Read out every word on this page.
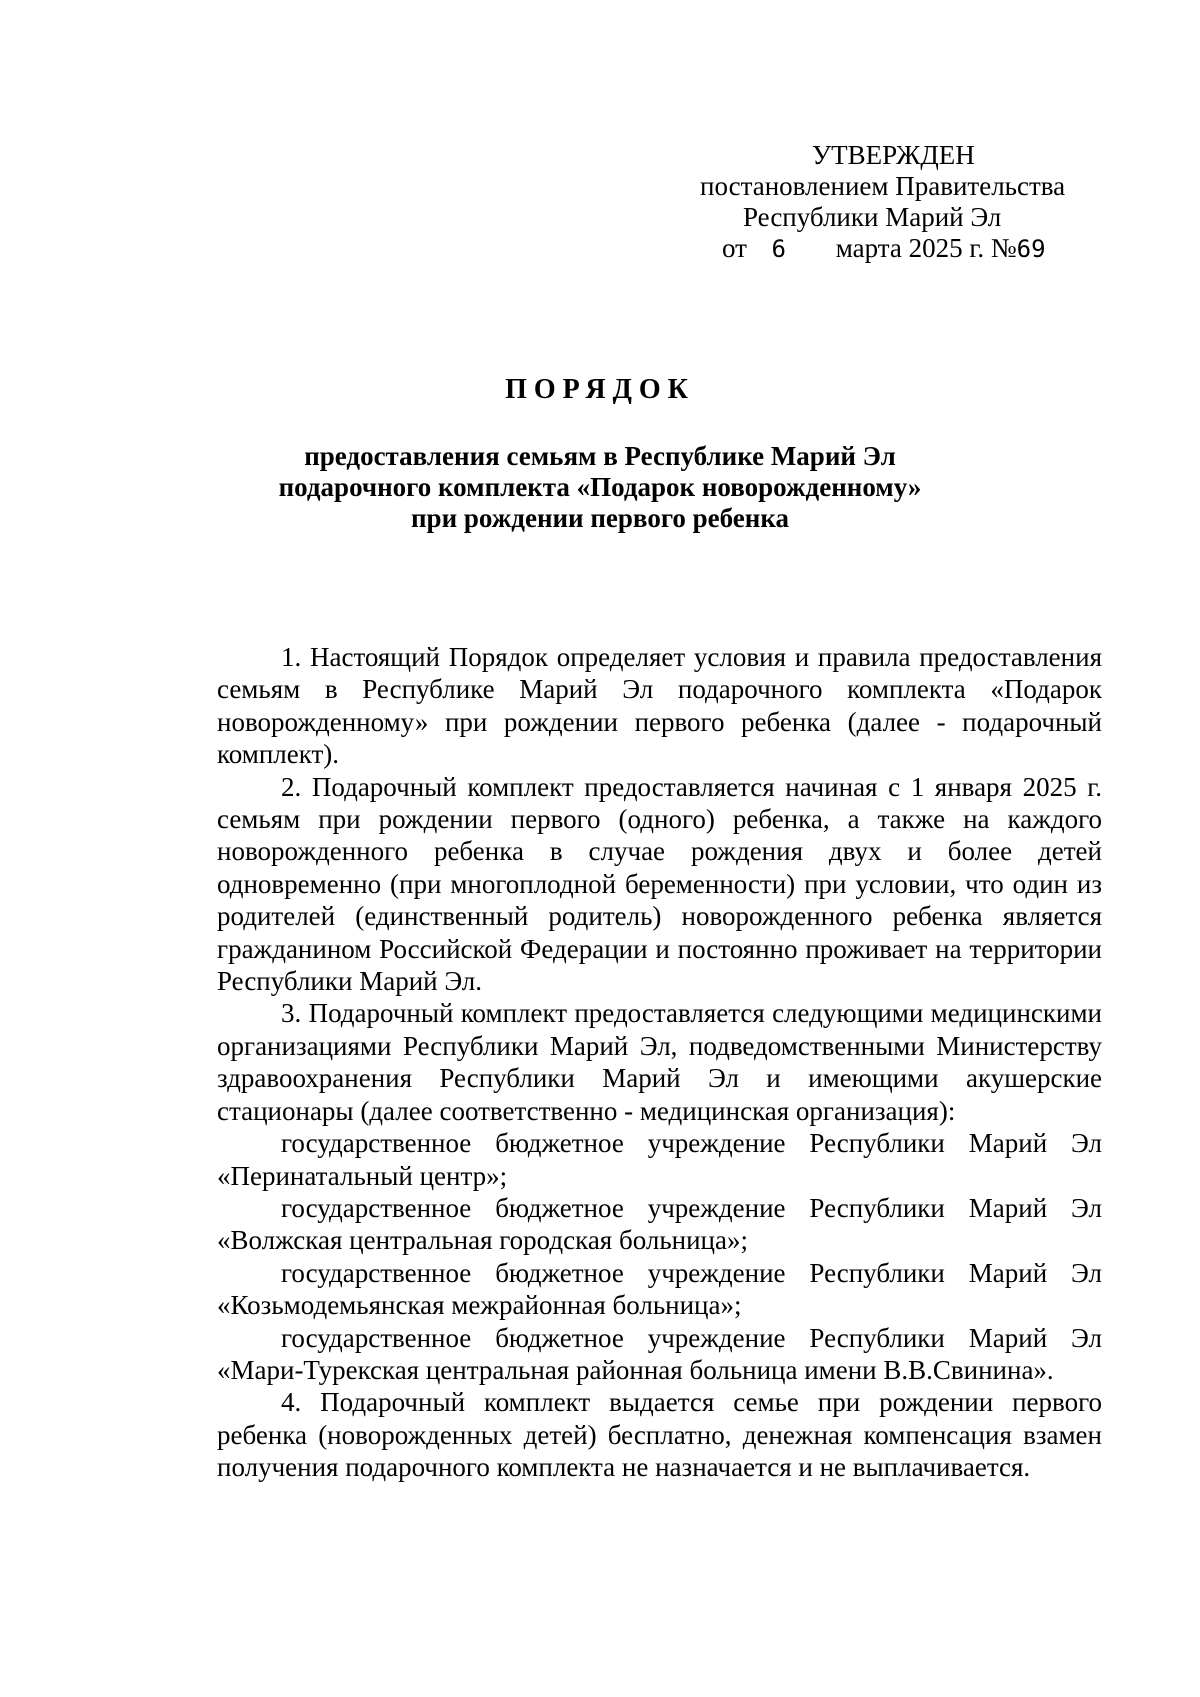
УТВЕРЖДЕН
постановлением Правительства
Республики Марий Эл
от 6 марта 2025 г. №69
ПОРЯДОК
предоставления семьям в Республике Марий Эл
подарочного комплекта «Подарок новорожденному»
при рождении первого ребенка

1. Настоящий Порядок определяет условия и правила предоставления семьям в Республике Марий Эл подарочного комплекта «Подарок новорожденному» при рождении первого ребенка (далее - подарочный комплект).

2. Подарочный комплект предоставляется начиная с 1 января 2025 г. семьям при рождении первого (одного) ребенка, а также на каждого новорожденного ребенка в случае рождения двух и более детей одновременно (при многоплодной беременности) при условии, что один из родителей (единственный родитель) новорожденного ребенка является гражданином Российской Федерации и постоянно проживает на территории Республики Марий Эл.

3. Подарочный комплект предоставляется следующими медицинскими организациями Республики Марий Эл, подведомственными Министерству здравоохранения Республики Марий Эл и имеющими акушерские стационары (далее соответственно - медицинская организация):

государственное бюджетное учреждение Республики Марий Эл «Перинатальный центр»;

государственное бюджетное учреждение Республики Марий Эл «Волжская центральная городская больница»;

государственное бюджетное учреждение Республики Марий Эл «Козьмодемьянская межрайонная больница»;

государственное бюджетное учреждение Республики Марий Эл «Мари-Турекская центральная районная больница имени В.В.Свинина».

4. Подарочный комплект выдается семье при рождении первого ребенка (новорожденных детей) бесплатно, денежная компенсация взамен получения подарочного комплекта не назначается и не выплачивается.
